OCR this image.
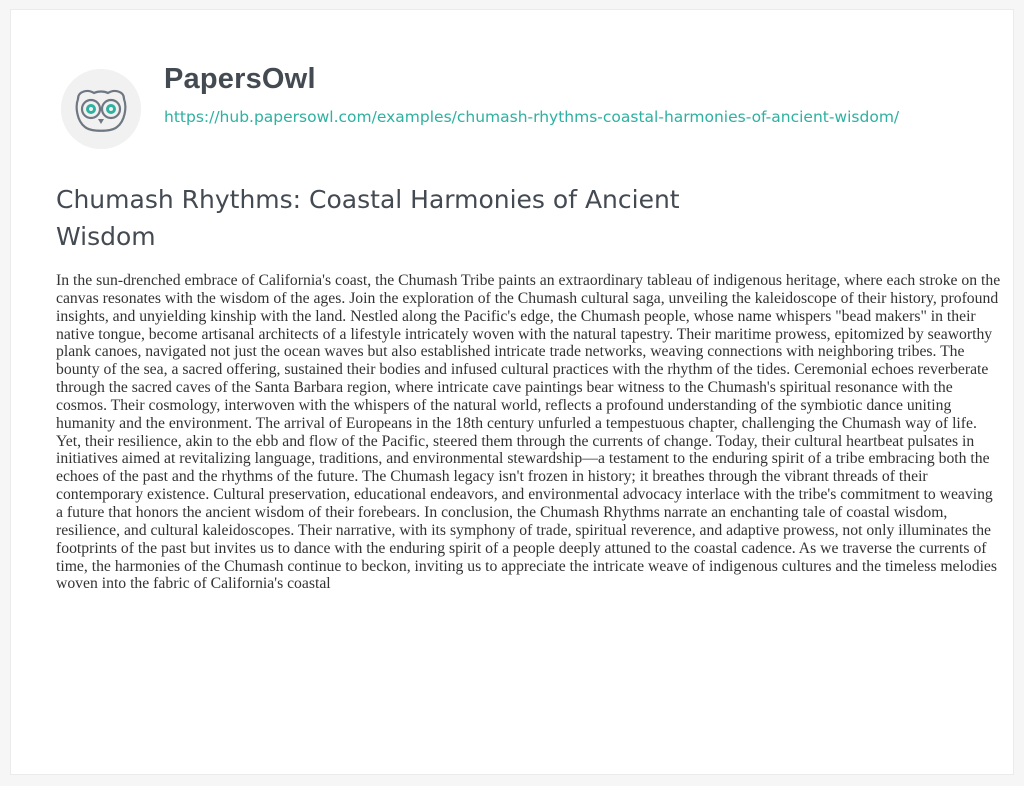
PapersOwl
https://hub.papersowl.com/examples/chumash-rhythms-coastal-harmonies-of-ancient-wisdom/
Chumash Rhythms: Coastal Harmonies of Ancient Wisdom

In the sun-drenched embrace of California's coast, the Chumash Tribe paints an extraordinary tableau of indigenous heritage, where each stroke on the canvas resonates with the wisdom of the ages. Join the exploration of the Chumash cultural saga, unveiling the kaleidoscope of their history, profound insights, and unyielding kinship with the land. Nestled along the Pacific's edge, the Chumash people, whose name whispers "bead makers" in their native tongue, become artisanal architects of a lifestyle intricately woven with the natural tapestry. Their maritime prowess, epitomized by seaworthy plank canoes, navigated not just the ocean waves but also established intricate trade networks, weaving connections with neighboring tribes. The bounty of the sea, a sacred offering, sustained their bodies and infused cultural practices with the rhythm of the tides. Ceremonial echoes reverberate through the sacred caves of the Santa Barbara region, where intricate cave paintings bear witness to the Chumash's spiritual resonance with the cosmos. Their cosmology, interwoven with the whispers of the natural world, reflects a profound understanding of the symbiotic dance uniting humanity and the environment. The arrival of Europeans in the 18th century unfurled a tempestuous chapter, challenging the Chumash way of life. Yet, their resilience, akin to the ebb and flow of the Pacific, steered them through the currents of change. Today, their cultural heartbeat pulsates in initiatives aimed at revitalizing language, traditions, and environmental stewardship—a testament to the enduring spirit of a tribe embracing both the echoes of the past and the rhythms of the future. The Chumash legacy isn't frozen in history; it breathes through the vibrant threads of their contemporary existence. Cultural preservation, educational endeavors, and environmental advocacy interlace with the tribe's commitment to weaving a future that honors the ancient wisdom of their forebears. In conclusion, the Chumash Rhythms narrate an enchanting tale of coastal wisdom, resilience, and cultural kaleidoscopes. Their narrative, with its symphony of trade, spiritual reverence, and adaptive prowess, not only illuminates the footprints of the past but invites us to dance with the enduring spirit of a people deeply attuned to the coastal cadence. As we traverse the currents of time, the harmonies of the Chumash continue to beckon, inviting us to appreciate the intricate weave of indigenous cultures and the timeless melodies woven into the fabric of California's coastal
